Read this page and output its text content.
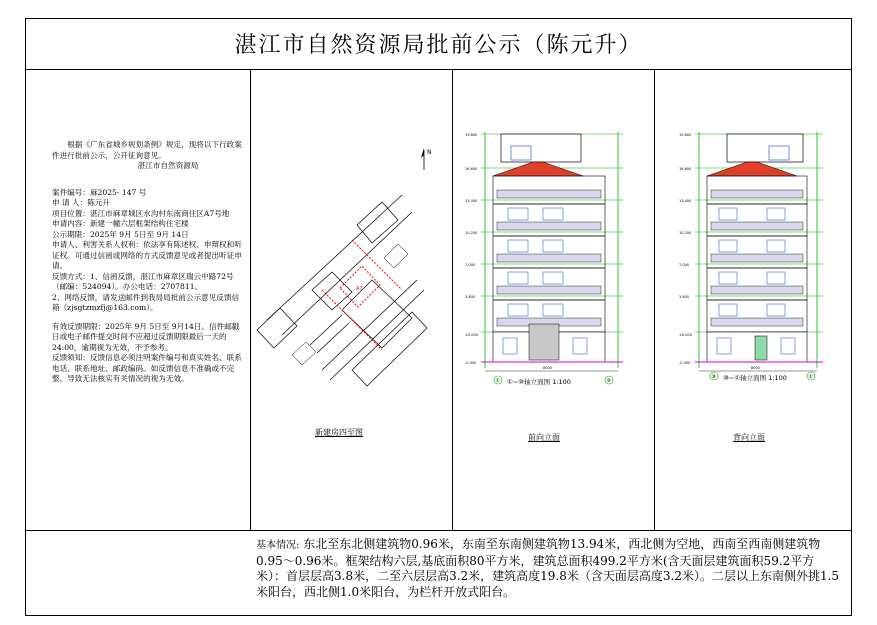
湛江市自然资源局批前公示（陈元升）

根据《广东省城乡规划条例》规定，现将以下行政案件进行批前公示，公开征询意见。

湛江市自然资源局

案件编号：麻2025- 147 号

申 请 人：陈元升

项目位置：湛江市麻章城区水沟村东南商住区A7号地

申请内容：新建一幢六层框架结构住宅楼

公示期限：2025年 9月 5日至 9月 14日

申请人、利害关系人权利：依法享有陈述权、申辩权和听证权。可通过信函或网络的方式反馈意见或者提出听证申请。

反馈方式：1、信函反馈，湛江市麻章区瑞云中路72号（邮编：524094）。办公电话：2707811。

2、网络反馈，请发送邮件到我局局批前公示意见反馈信箱（zjsgtzmzfj@163.com）。

有效反馈期限：2025年 9月 5日至 9月14日。信件邮戳日或电子邮件提交时间不应超过反馈期限最后一天的24:00，逾期视为无效，不予参考。

反馈须知：反馈信息必须注明案件编号和真实姓名、联系电话、联系地址、邮政编码。如反馈信息不准确或不完整，导致无法核实有关情况的视为无效。

A7
N
新建房四至图
19.800
16.600
13.400
10.200
7.000
3.800
±0.000
-0.300
8000
①	⑩
①~⑩轴立面图 1:100
前向立面
19.800
16.600
13.400
10.200
7.000
3.800
±0.000
-0.300
8000
⑩	①
⑩~①轴立面图 1:100
背向立面
基本情况: 东北至东北侧建筑物0.96米，东南至东南侧建筑物13.94米，西北侧为空地，西南至西南侧建筑物0.95～0.96米。框架结构六层,基底面积80平方米，建筑总面积499.2平方米(含天面层建筑面积59.2平方米）：首层层高3.8米，二至六层层高3.2米，建筑高度19.8米（含天面层高度3.2米）。二层以上东南侧外挑1.5米阳台，西北侧1.0米阳台，为栏杆开放式阳台。
